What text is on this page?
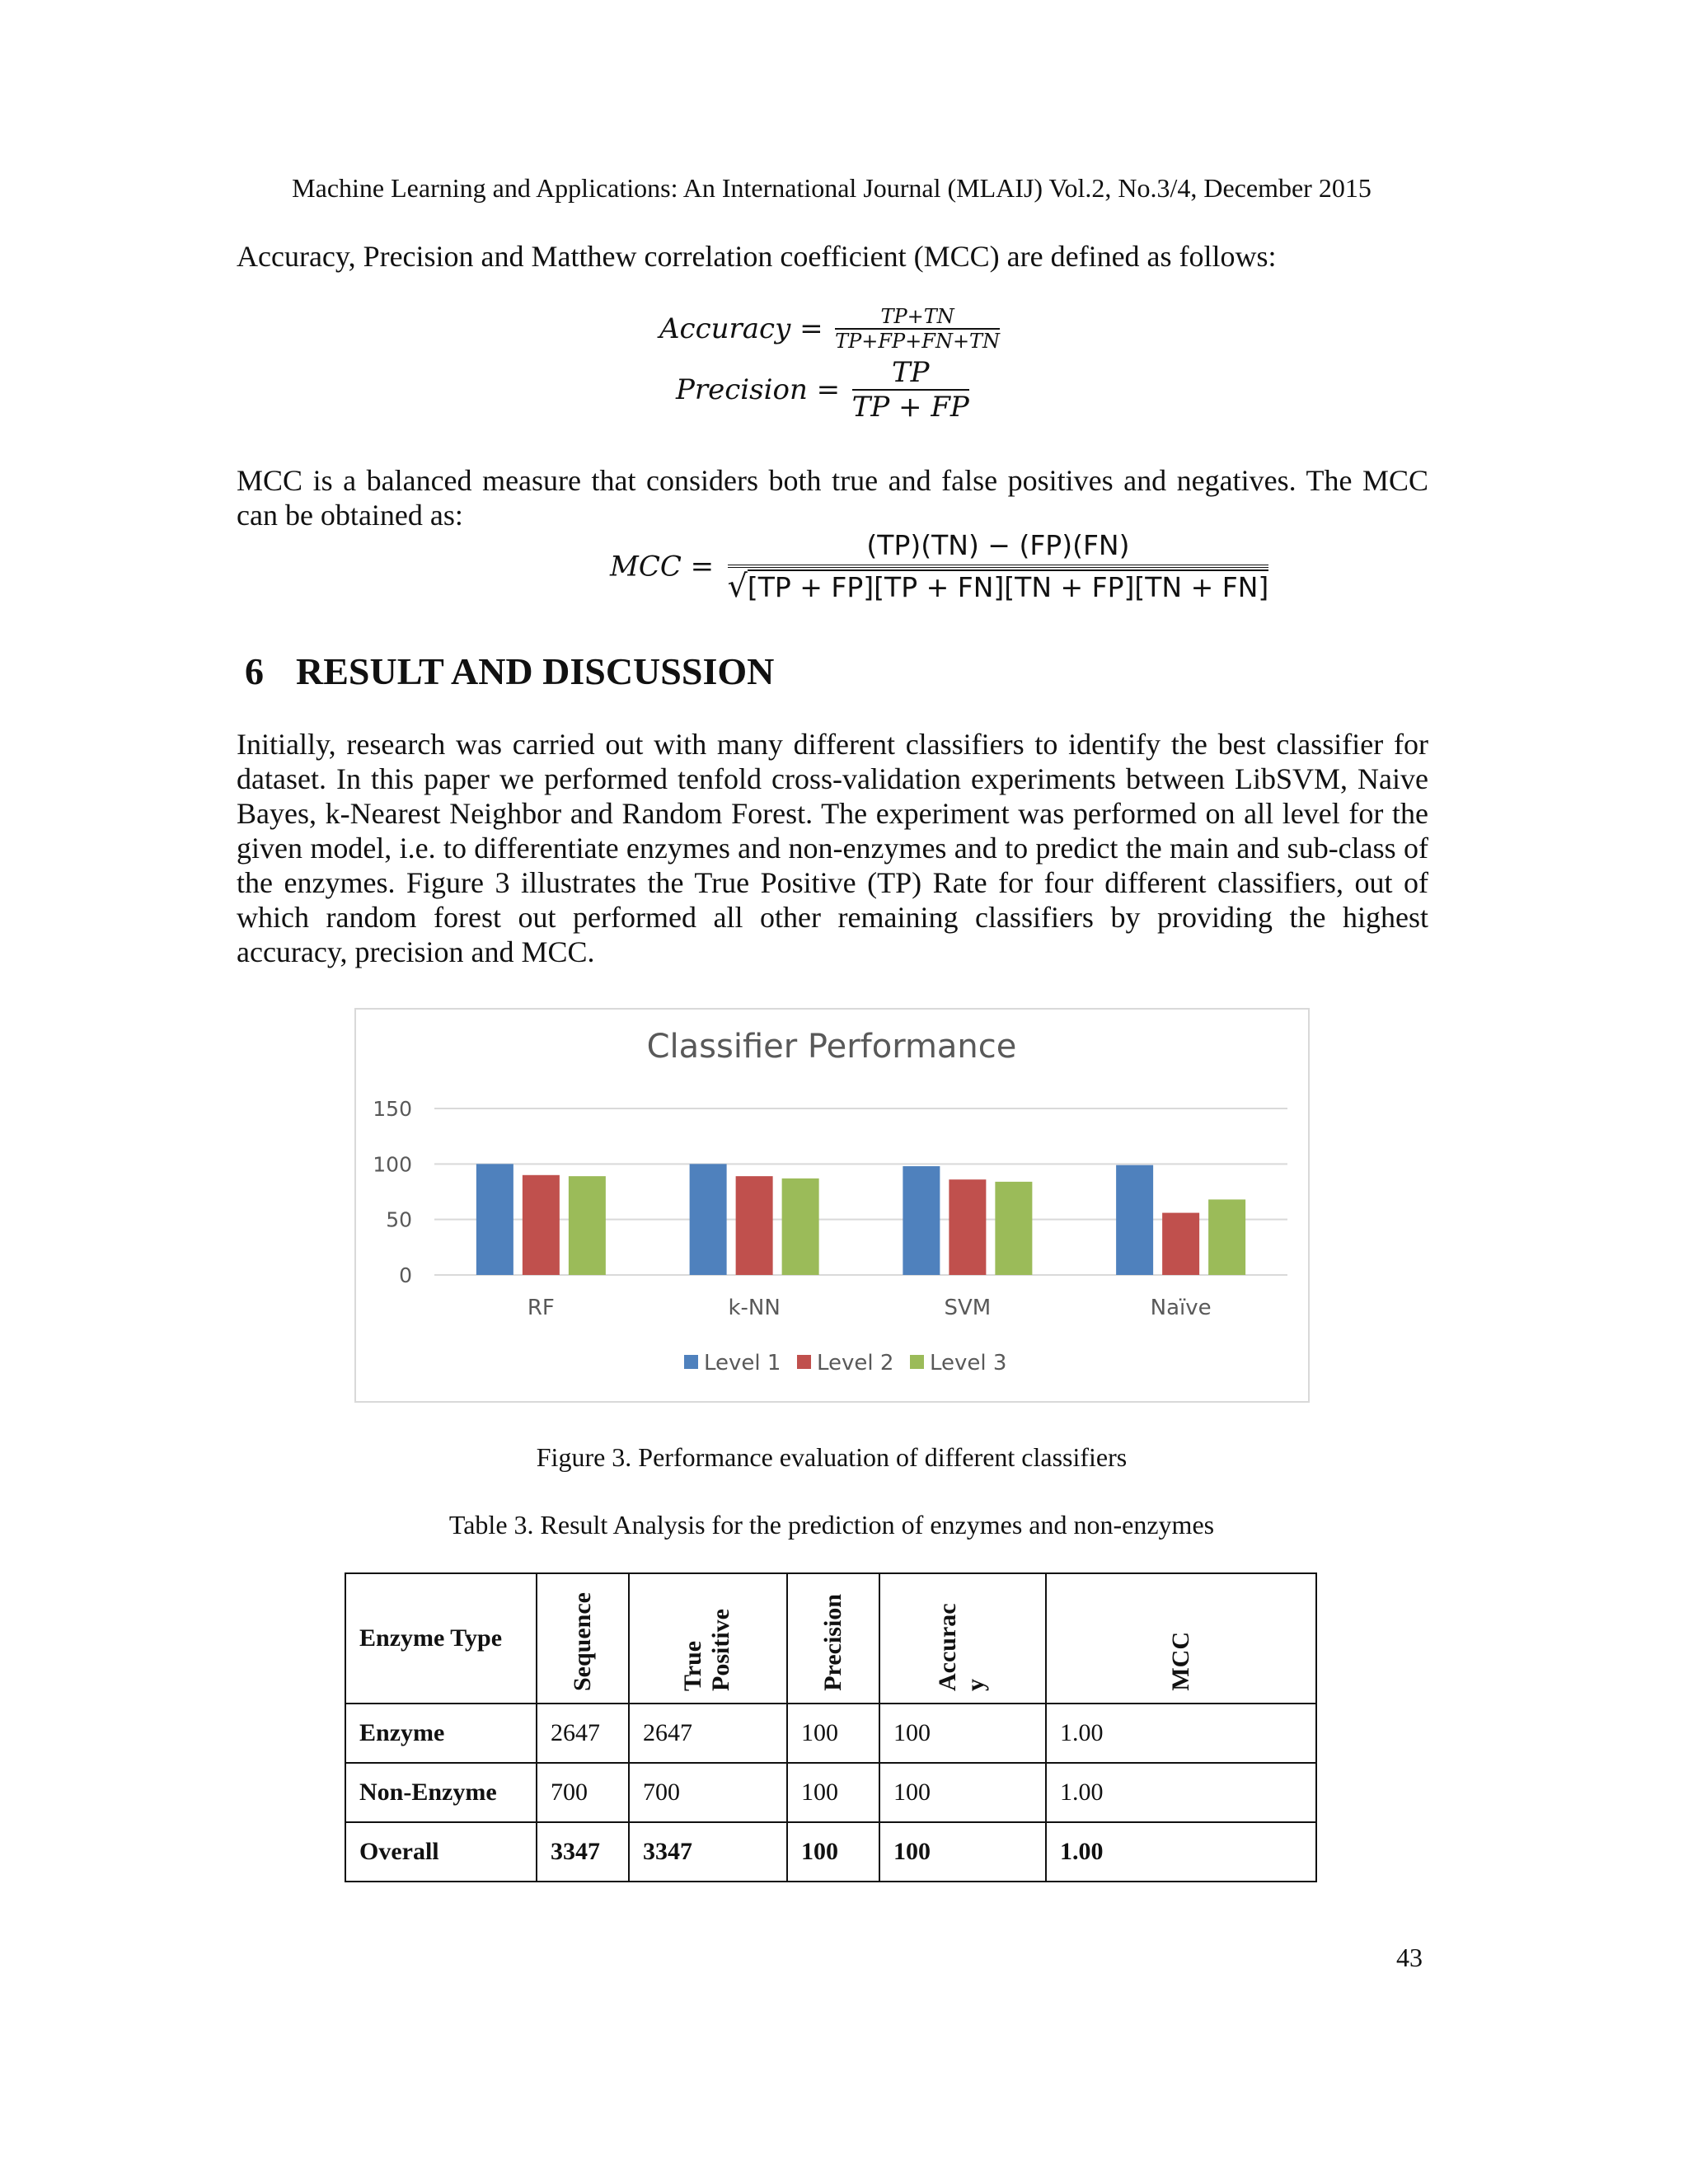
Machine Learning and Applications: An International Journal (MLAIJ) Vol.2, No.3/4, December 2015
Accuracy, Precision and Matthew correlation coefficient (MCC) are defined as follows:
Accuracy = $\frac{TP+TN}{TP+FP+FN+TN}$
Precision = $\frac{TP}{TP + FP}$
MCC is a balanced measure that considers both true and false positives and negatives. The MCC can be obtained as:
MCC = $\frac{(TP)(TN) - (FP)(FN)}{√[TP + FP][TP + FN][TN + FP][TN + FN]}$
6 RESULT AND DISCUSSION
Initially, research was carried out with many different classifiers to identify the best classifier for dataset. In this paper we performed tenfold cross-validation experiments between LibSVM, Naive Bayes, k-Nearest Neighbor and Random Forest. The experiment was performed on all level for the given model, i.e. to differentiate enzymes and non-enzymes and to predict the main and sub-class of the enzymes. Figure 3 illustrates the True Positive (TP) Rate for four different classifiers, out of which random forest out performed all other remaining classifiers by providing the highest accuracy, precision and MCC.
Classifier Performance
0
50
100
150
RF	k-NN	SVM	Naïve
Level 1 Level 2 Level 3
Figure 3. Performance evaluation of different classifiers
Table 3. Result Analysis for the prediction of enzymes and non-enzymes
Enzyme Type	Sequence	True Positive	Precision	Accurac y	MCC

Enzyme	2647	2647	100	100	1.00
Non-Enzyme	700	700	100	100	1.00
Overall	3347	3347	100	100	1.00
43
